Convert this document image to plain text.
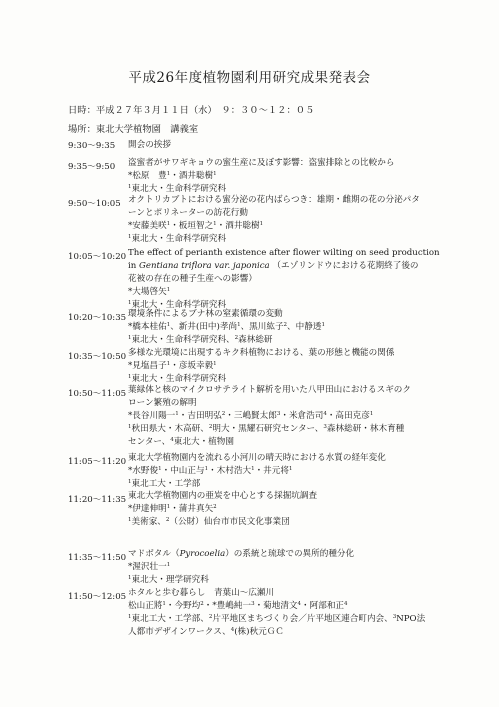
平成26年度植物園利用研究成果発表会
日時：平成２７年３月１１日（水）　９：３０～１２：０５
場所：東北大学植物園　講義室
9:30～9:35 開会の挨拶
9:35～9:50 盗蜜者がサワギキョウの蜜生産に及ぼす影響：盗蜜排除との比較から
*松原　豊$^1$・酒井聡樹$^1$
$^1$東北大・生命科学研究科
9:50～10:05 オクトリカブトにおける蜜分泌の花内ばらつき：雄期・雌期の花の分泌パタ
ーンとポリネーターの訪花行動
*安藤美咲$^1$・板垣智之$^1$・酒井聡樹$^1$
$^1$東北大・生命科学研究科
10:05～10:20 The effect of perianth existence after flower wilting on seed production
in Gentiana triflora var. japonica （エゾリンドウにおける花期終了後の
花被の存在の種子生産への影響）
*大場啓矢$^1$
$^1$東北大・生命科学研究科
10:20～10:35 環境条件によるブナ林の窒素循環の変動
*橋本桂佑$^1$、新井(田中)孝尚$^1$、黒川紘子$^2$、中静透$^1$
$^1$東北大・生命科学研究科、$^2$森林総研
10:35～10:50 多様な光環境に出現するキク科植物における、葉の形態と機能の関係
*見塩昌子$^1$・彦坂幸毅$^1$
$^1$東北大・生命科学研究科
10:50～11:05 葉緑体と核のマイクロサテライト解析を用いた八甲田山におけるスギのク
ローン繁殖の解明
*長谷川陽一$^1$・吉田明弘$^2$・三嶋賢太郎$^3$・米倉浩司$^4$・高田克彦$^1$
$^1$秋田県大・木高研、$^2$明大・黒耀石研究センター、$^3$森林総研・林木育種
センター、$^4$東北大・植物園
11:05～11:20 東北大学植物園内を流れる小河川の晴天時における水質の経年変化
*水野俊$^1$・中山正与$^1$・木村浩大$^1$・井元将$^1$
$^1$東北工大・工学部
11:20～11:35 東北大学植物園内の亜炭を中心とする採掘坑調査
*伊達伸明$^1$・蒲井真矢$^2$
$^1$美術家、$^2$（公財）仙台市市民文化事業団
11:35～11:50 マドボタル（Pyrocoelia）の系統と琉球での異所的種分化
*渥沢壮一$^1$
$^1$東北大・理学研究科
11:50～12:05 ホタルと歩む暮らし　青葉山～広瀬川
松山正將$^1$・今野均$^2$・*豊嶋純一$^3$・菊地清文$^4$・阿部和正$^4$
$^1$東北工大・工学部、$^2$片平地区まちづくり会／片平地区連合町内会、$^3$NPO法
人都市デザインワークス、$^4$(株)秋元ＧＣ
